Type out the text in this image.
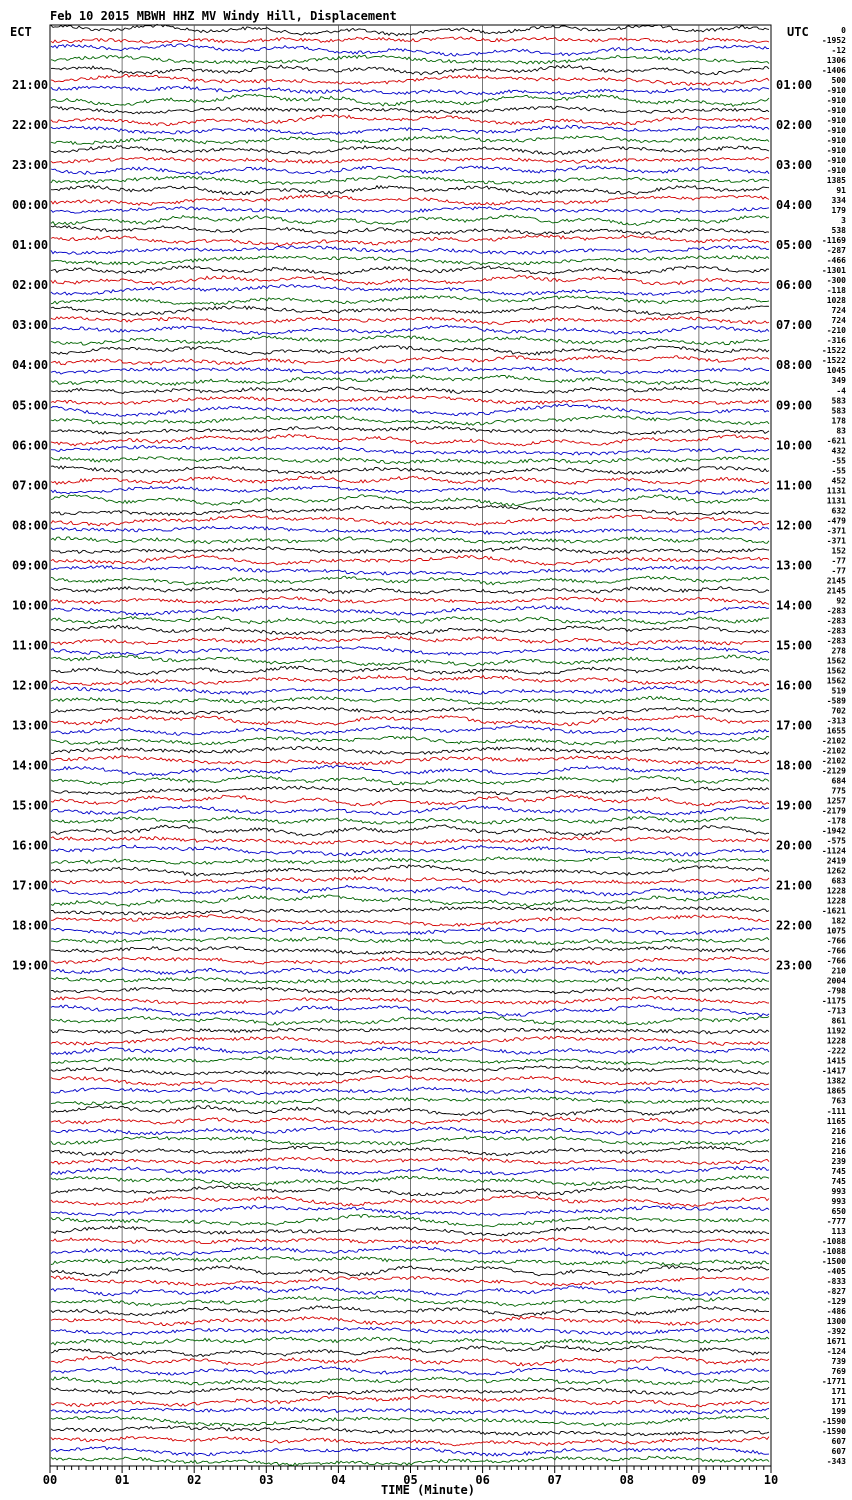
0
-1952
-12
1306
-1406
500
-910
-910
-910
-910
-910
-910
-910
-910
-910
1385
91
334
179
3
538
-1169
-287
-466
-1301
-300
-118
1028
724
724
-210
-316
-1522
-1522
1045
349
-4
583
583
178
83
-621
432
-55
-55
452
1131
1131
632
-479
-371
-371
152
-77
-77
2145
2145
92
-283
-283
-283
-283
278
1562
1562
1562
519
-589
702
-313
1655
-2102
-2102
-2102
-2129
684
775
1257
-2179
-178
-1942
-575
-1124
2419
1262
683
1228
1228
-1621
182
1075
-766
-766
-766
210
2004
-798
-1175
-713
861
1192
1228
-222
1415
-1417
1382
1865
763
-111
1165
216
216
216
239
745
745
993
993
650
-777
113
-1088
-1088
-1500
-405
-833
-827
-129
-486
1300
-392
1671
-124
739
769
-1771
171
171
199
-1590
-1590
607
607
-343
21:00
22:00
23:00
00:00
01:00
02:00
03:00
04:00
05:00
06:00
07:00
08:00
09:00
10:00
11:00
12:00
13:00
14:00
15:00
16:00
17:00
18:00
19:00
01:00
02:00
03:00
04:00
05:00
06:00
07:00
08:00
09:00
10:00
11:00
12:00
13:00
14:00
15:00
16:00
17:00
18:00
19:00
20:00
21:00
22:00
23:00
00	01	02	03	04	05	06	07	08	09	10
Feb 10 2015 MBWH HHZ MV Windy Hill, Displacement
ECT	UTC
TIME (Minute)
